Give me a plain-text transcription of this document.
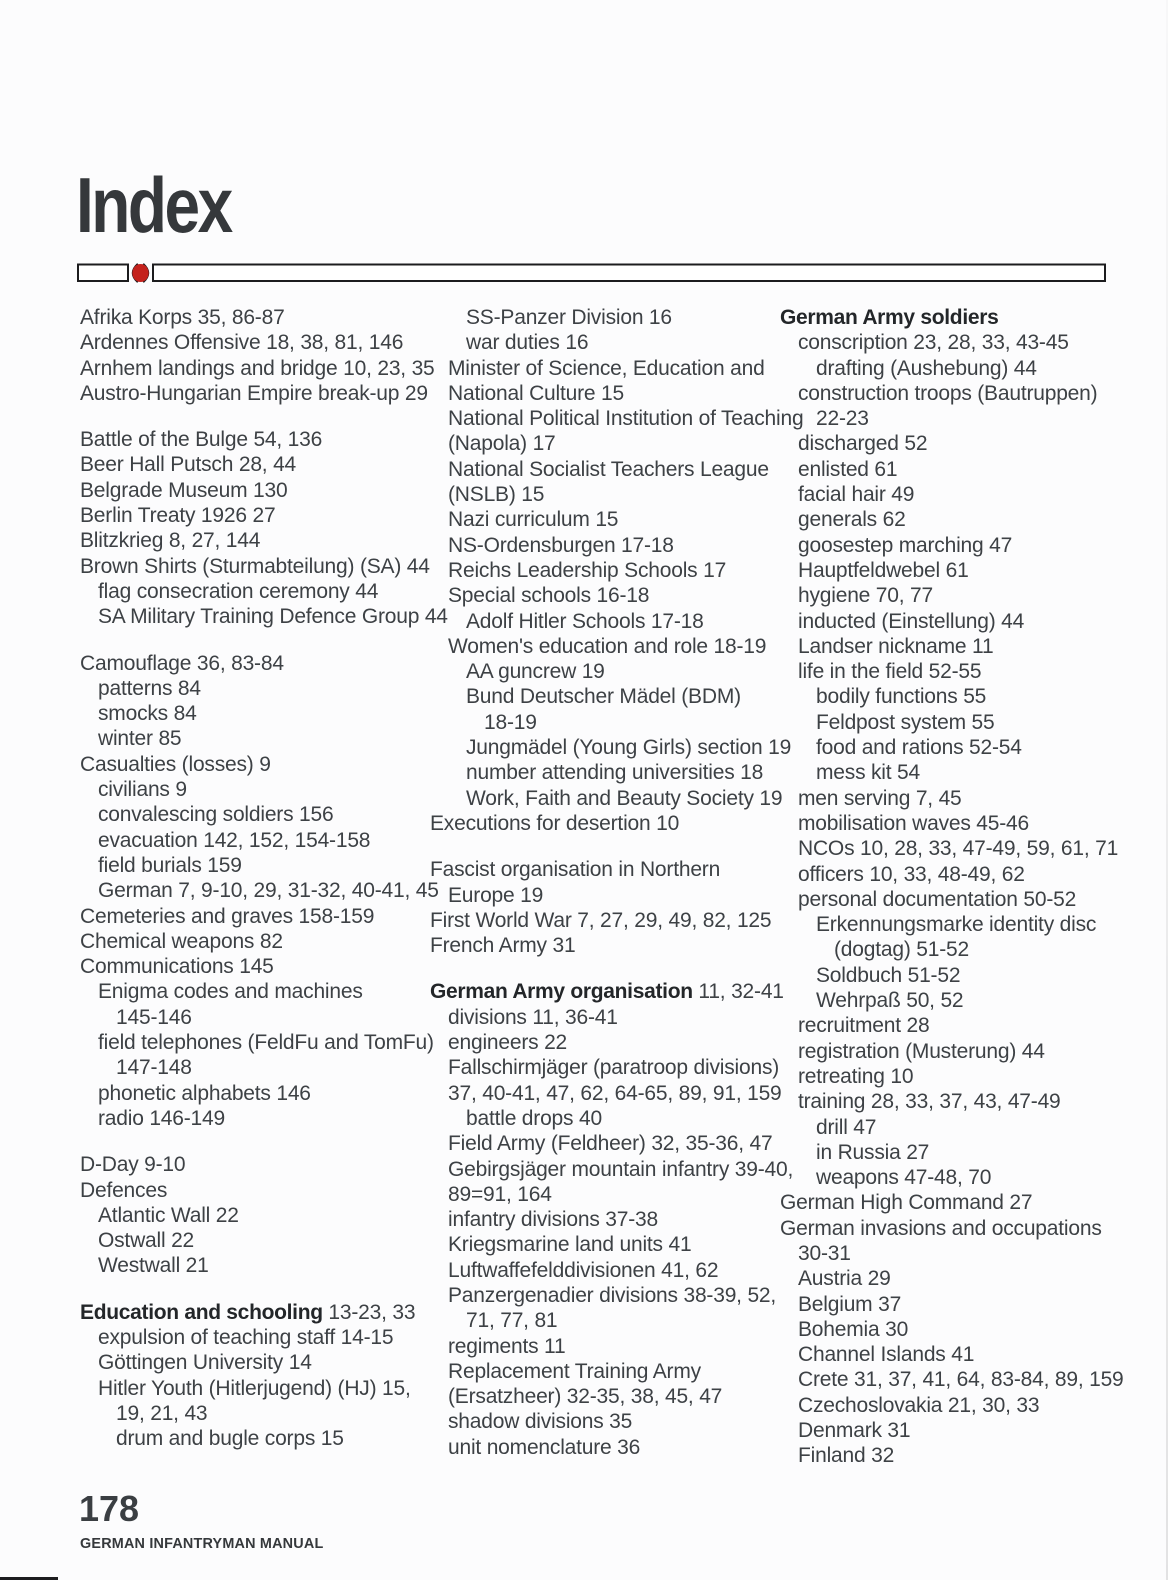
Index
Afrika Korps 35, 86-87
Ardennes Offensive 18, 38, 81, 146
Arnhem landings and bridge 10, 23, 35
Austro-Hungarian Empire break-up 29
Battle of the Bulge 54, 136
Beer Hall Putsch 28, 44
Belgrade Museum 130
Berlin Treaty 1926 27
Blitzkrieg 8, 27, 144
Brown Shirts (Sturmabteilung) (SA) 44
flag consecration ceremony 44
SA Military Training Defence Group 44
Camouflage 36, 83-84
patterns 84
smocks 84
winter 85
Casualties (losses) 9
civilians 9
convalescing soldiers 156
evacuation 142, 152, 154-158
field burials 159
German 7, 9-10, 29, 31-32, 40-41, 45
Cemeteries and graves 158-159
Chemical weapons 82
Communications 145
Enigma codes and machines
145-146
field telephones (FeldFu and TomFu)
147-148
phonetic alphabets 146
radio 146-149
D-Day 9-10
Defences
Atlantic Wall 22
Ostwall 22
Westwall 21
Education and schooling 13-23, 33
expulsion of teaching staff 14-15
Göttingen University 14
Hitler Youth (Hitlerjugend) (HJ) 15,
19, 21, 43
drum and bugle corps 15
SS-Panzer Division 16
war duties 16
Minister of Science, Education and
National Culture 15
National Political Institution of Teaching
(Napola) 17
National Socialist Teachers League
(NSLB) 15
Nazi curriculum 15
NS-Ordensburgen 17-18
Reichs Leadership Schools 17
Special schools 16-18
Adolf Hitler Schools 17-18
Women's education and role 18-19
AA guncrew 19
Bund Deutscher Mädel (BDM)
18-19
Jungmädel (Young Girls) section 19
number attending universities 18
Work, Faith and Beauty Society 19
Executions for desertion 10
Fascist organisation in Northern
Europe 19
First World War 7, 27, 29, 49, 82, 125
French Army 31
German Army organisation 11, 32-41
divisions 11, 36-41
engineers 22
Fallschirmjäger (paratroop divisions)
37, 40-41, 47, 62, 64-65, 89, 91, 159
battle drops 40
Field Army (Feldheer) 32, 35-36, 47
Gebirgsjäger mountain infantry 39-40,
89=91, 164
infantry divisions 37-38
Kriegsmarine land units 41
Luftwaffefelddivisionen 41, 62
Panzergenadier divisions 38-39, 52,
71, 77, 81
regiments 11
Replacement Training Army
(Ersatzheer) 32-35, 38, 45, 47
shadow divisions 35
unit nomenclature 36
German Army soldiers
conscription 23, 28, 33, 43-45
drafting (Aushebung) 44
construction troops (Bautruppen)
22-23
discharged 52
enlisted 61
facial hair 49
generals 62
goosestep marching 47
Hauptfeldwebel 61
hygiene 70, 77
inducted (Einstellung) 44
Landser nickname 11
life in the field 52-55
bodily functions 55
Feldpost system 55
food and rations 52-54
mess kit 54
men serving 7, 45
mobilisation waves 45-46
NCOs 10, 28, 33, 47-49, 59, 61, 71
officers 10, 33, 48-49, 62
personal documentation 50-52
Erkennungsmarke identity disc
(dogtag) 51-52
Soldbuch 51-52
Wehrpaß 50, 52
recruitment 28
registration (Musterung) 44
retreating 10
training 28, 33, 37, 43, 47-49
drill 47
in Russia 27
weapons 47-48, 70
German High Command 27
German invasions and occupations
30-31
Austria 29
Belgium 37
Bohemia 30
Channel Islands 41
Crete 31, 37, 41, 64, 83-84, 89, 159
Czechoslovakia 21, 30, 33
Denmark 31
Finland 32
178
GERMAN INFANTRYMAN MANUAL
